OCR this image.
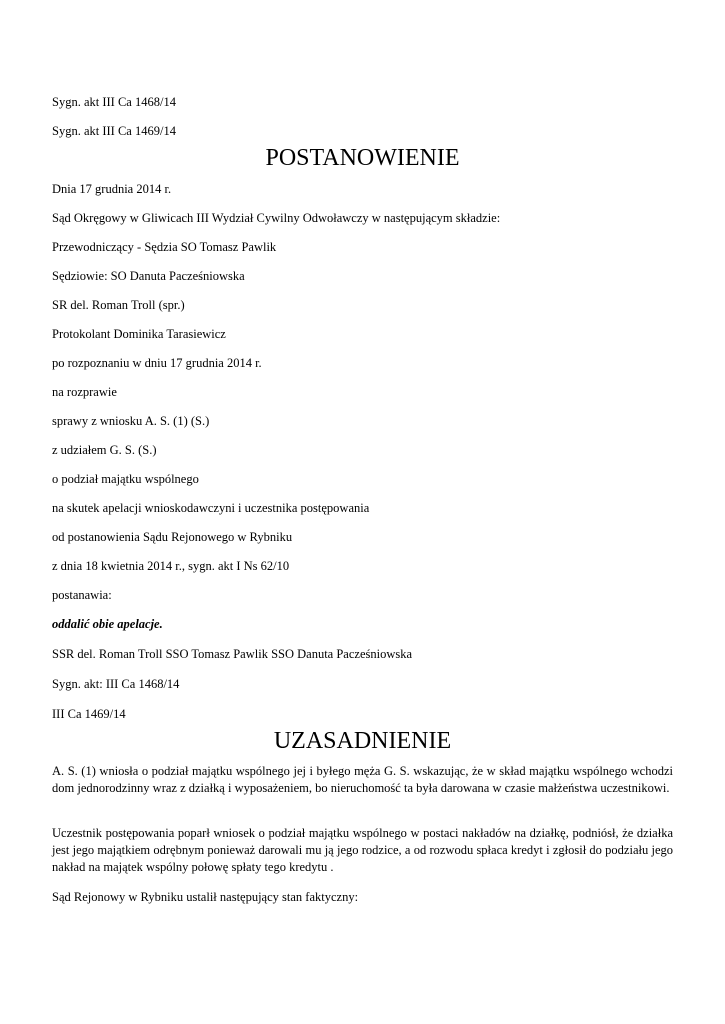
Sygn. akt III Ca 1468/14
Sygn. akt III Ca 1469/14
POSTANOWIENIE
Dnia 17 grudnia 2014 r.
Sąd Okręgowy w Gliwicach III Wydział Cywilny Odwoławczy w następującym składzie:
Przewodniczący - Sędzia SO Tomasz Pawlik
Sędziowie: SO Danuta Pacześniowska
SR del. Roman Troll (spr.)
Protokolant Dominika Tarasiewicz
po rozpoznaniu w dniu 17 grudnia 2014 r.
na rozprawie
sprawy z wniosku A. S. (1) (S.)
z udziałem G. S. (S.)
o podział majątku wspólnego
na skutek apelacji wnioskodawczyni i uczestnika postępowania
od postanowienia Sądu Rejonowego w Rybniku
z dnia 18 kwietnia 2014 r., sygn. akt I Ns 62/10
postanawia:
oddalić obie apelacje.
SSR del. Roman Troll SSO Tomasz Pawlik SSO Danuta Pacześniowska
Sygn. akt: III Ca 1468/14
III Ca 1469/14
UZASADNIENIE
A. S. (1) wniosła o podział majątku wspólnego jej i byłego męża G. S. wskazując, że w skład majątku wspólnego wchodzi dom jednorodzinny wraz z działką i wyposażeniem, bo nieruchomość ta była darowana w czasie małżeństwa uczestnikowi.
Uczestnik postępowania poparł wniosek o podział majątku wspólnego w postaci nakładów na działkę, podniósł, że działka jest jego majątkiem odrębnym ponieważ darowali mu ją jego rodzice, a od rozwodu spłaca kredyt i zgłosił do podziału jego nakład na majątek wspólny połowę spłaty tego kredytu .
Sąd Rejonowy w Rybniku ustalił następujący stan faktyczny:
